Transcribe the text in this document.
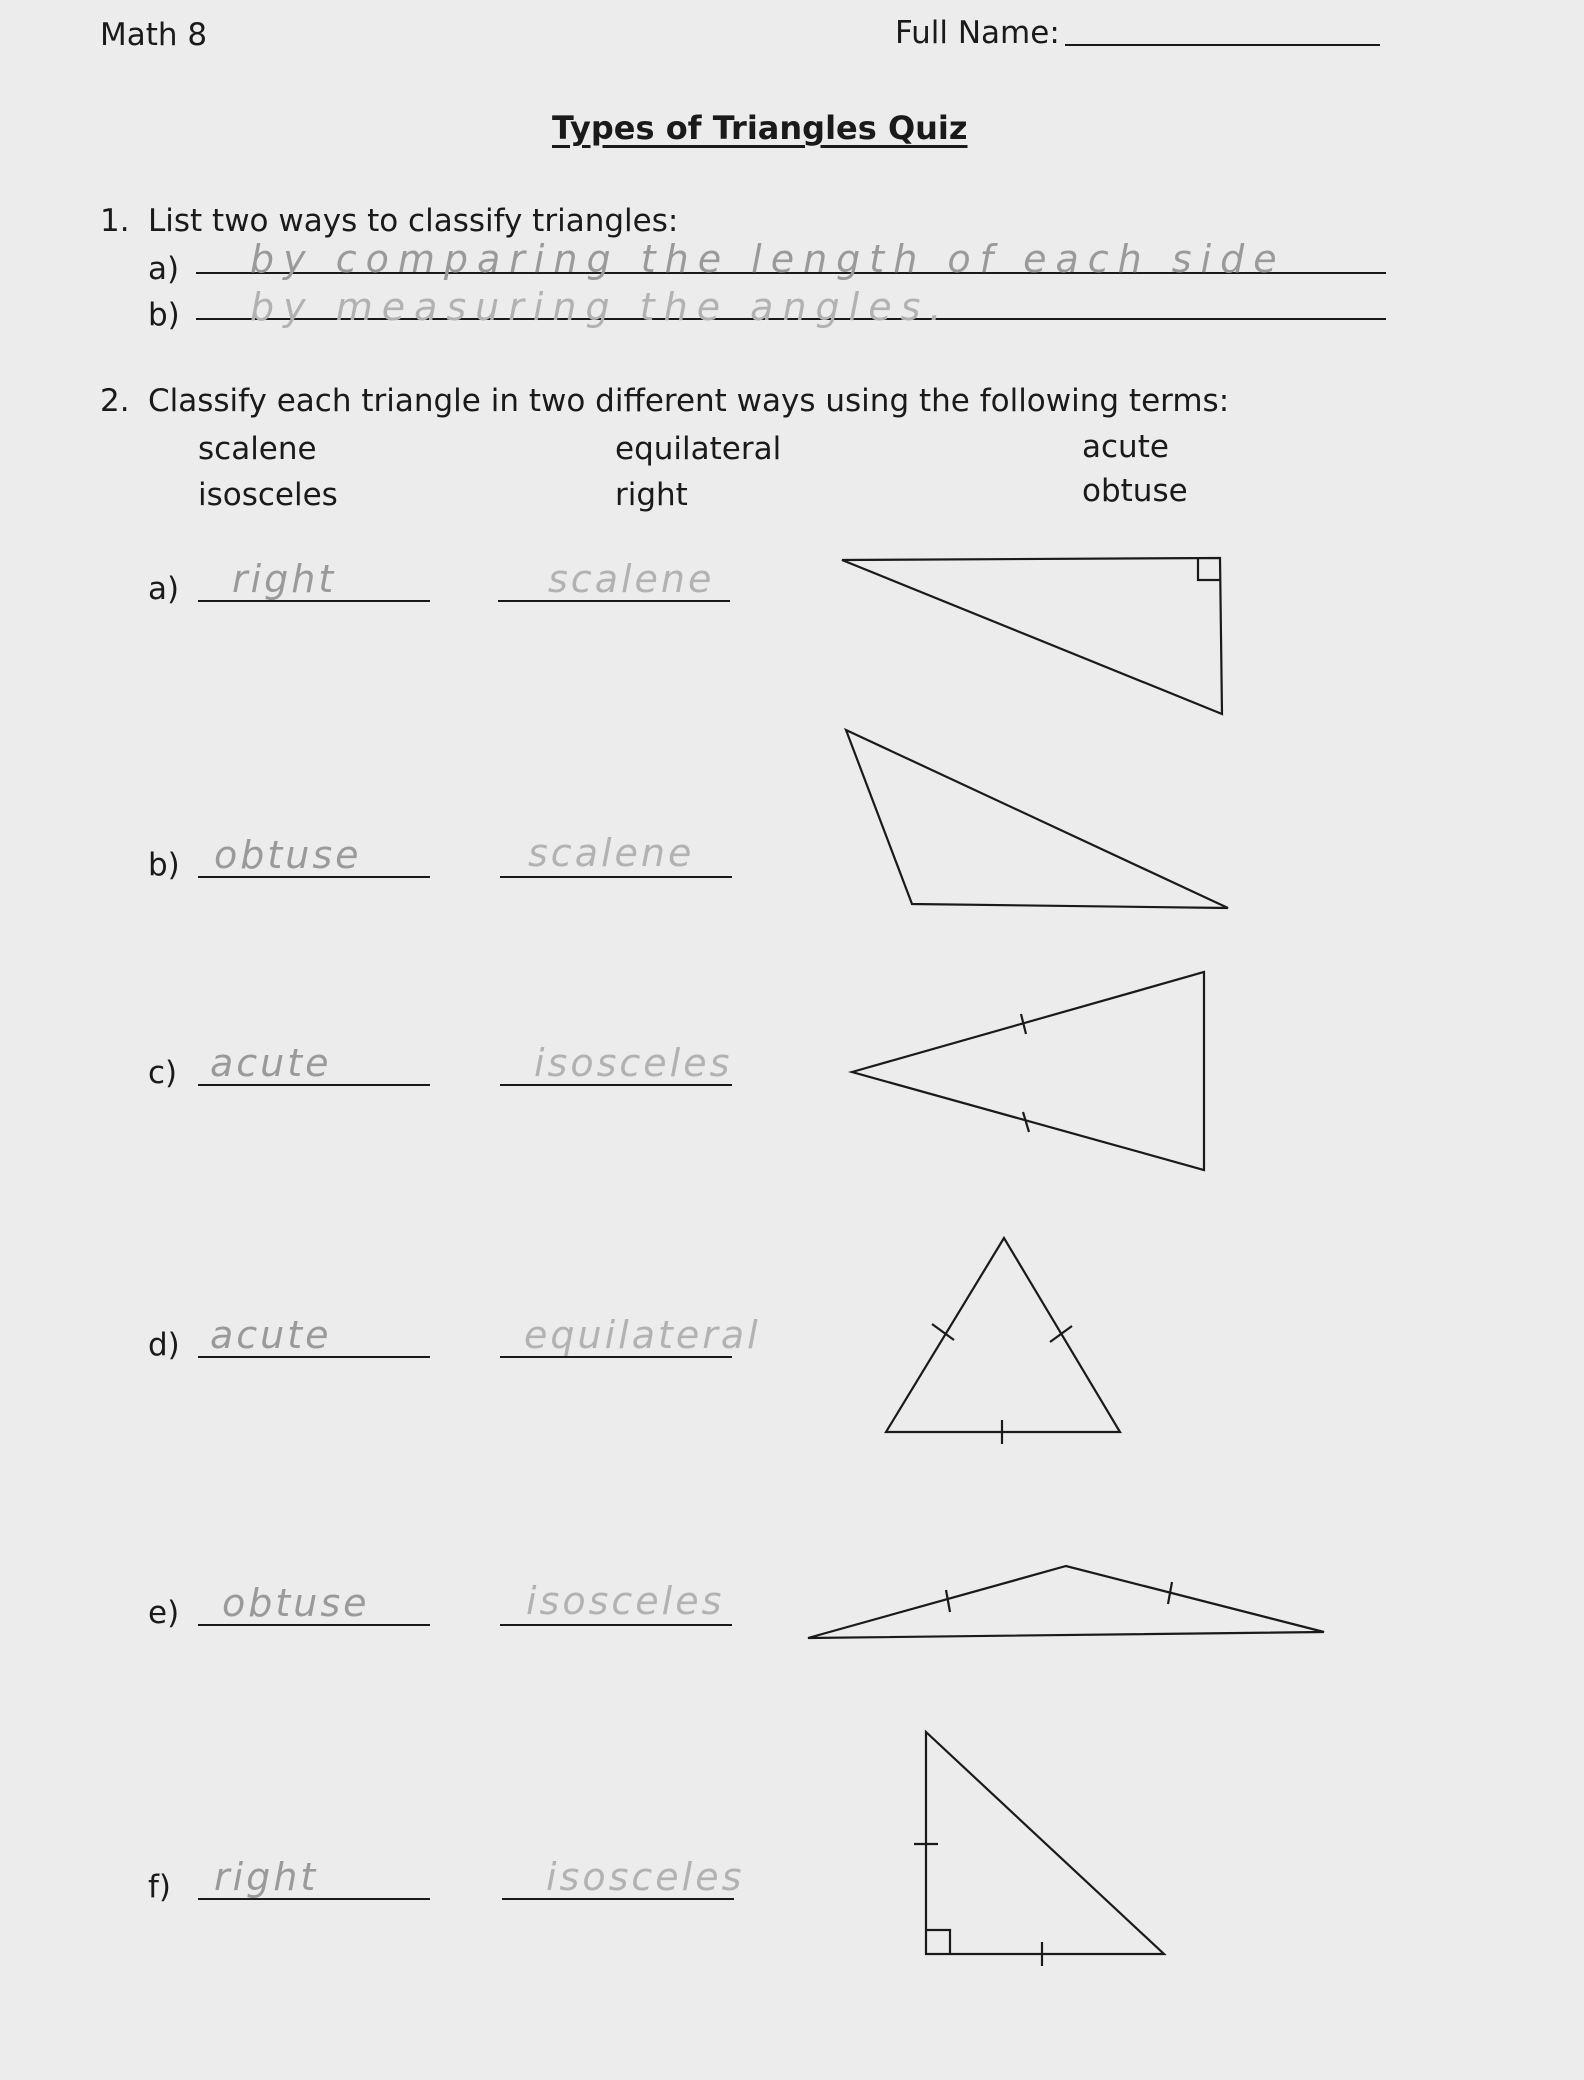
Math 8	Full Name:
Types of Triangles Quiz
1. List two ways to classify triangles:
a) by comparing the length of each side
b) by measuring the angles.
2. Classify each triangle in two different ways using the following terms:
scalene
isosceles
equilateral
right
acute
obtuse
a) right	scalene
b) obtuse	scalene
c) acute	isosceles
d) acute	equilateral
e) obtuse	isosceles
f) right	isosceles
